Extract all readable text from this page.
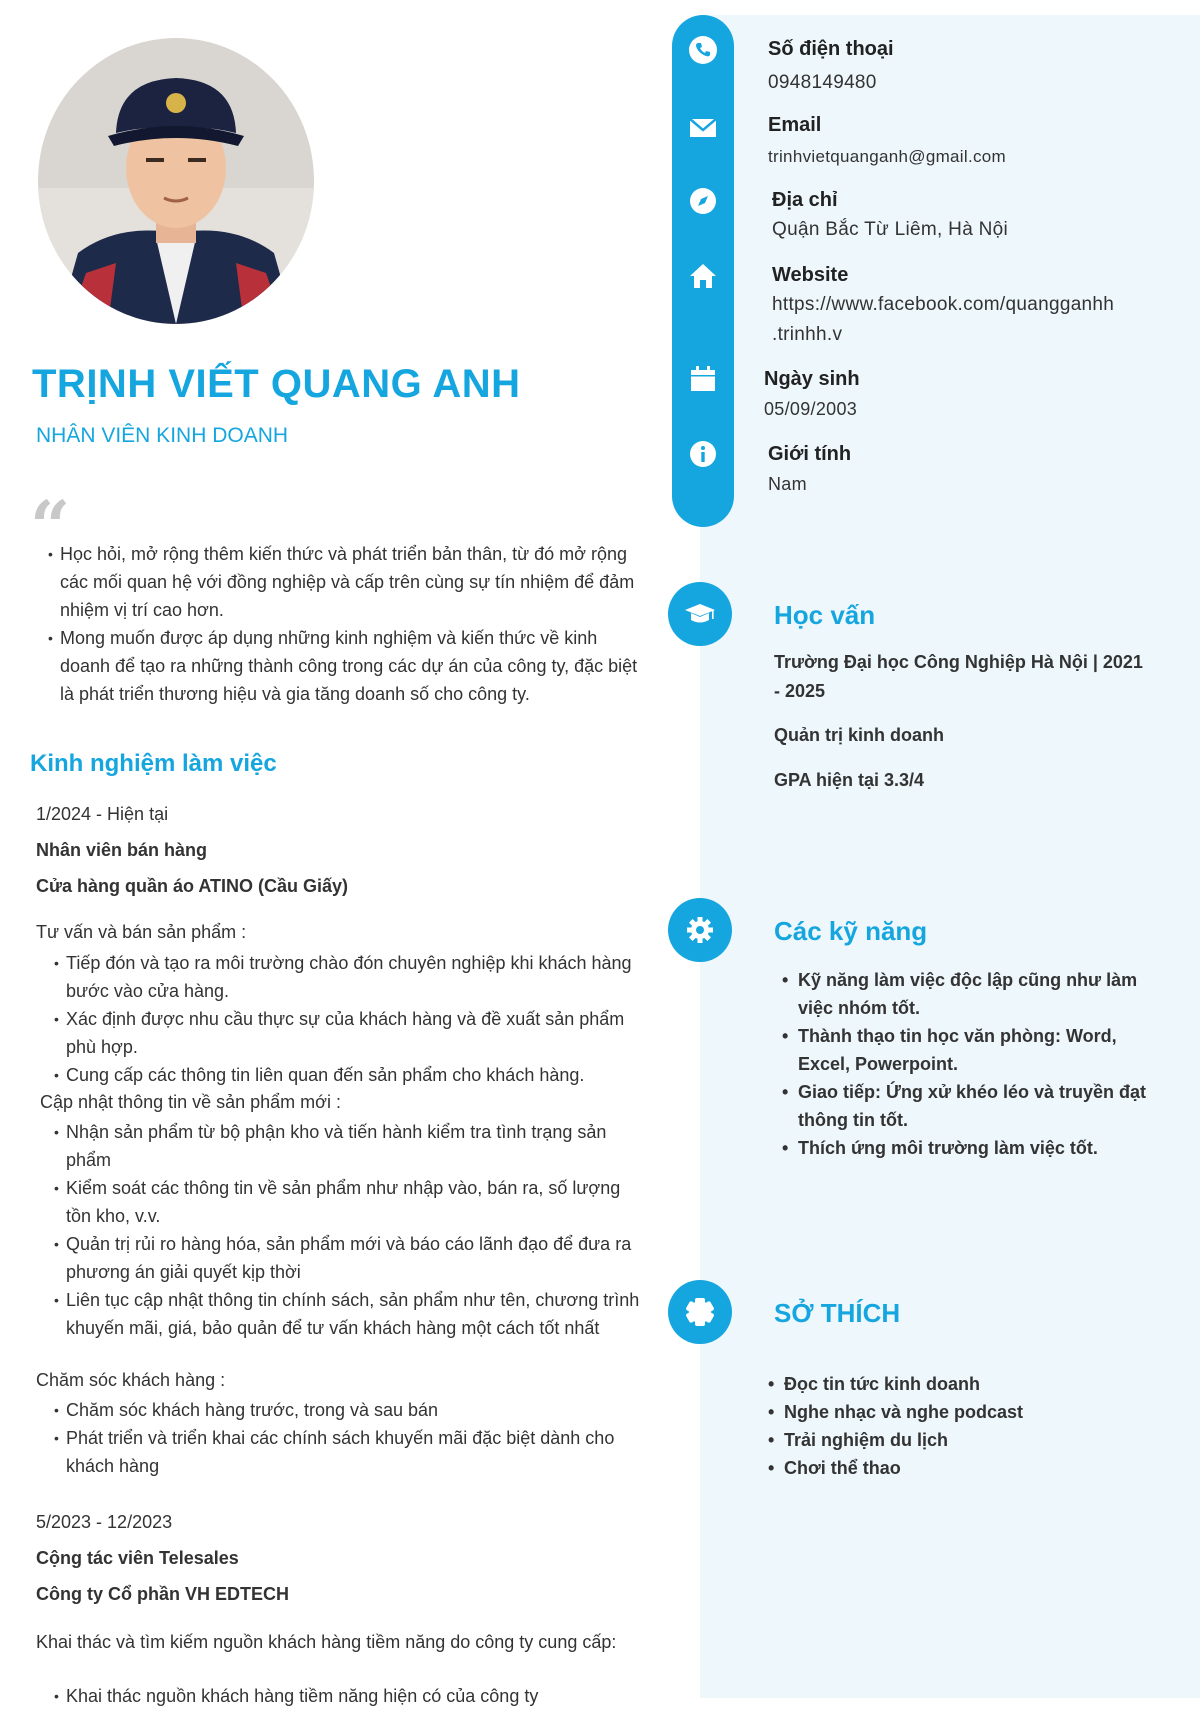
TRỊNH VIẾT QUANG ANH
NHÂN VIÊN KINH DOANH
“
• Học hỏi, mở rộng thêm kiến thức và phát triển bản thân, từ đó mở rộng các mối quan hệ với đồng nghiệp và cấp trên cùng sự tín nhiệm để đảm nhiệm vị trí cao hơn.
• Mong muốn được áp dụng những kinh nghiệm và kiến thức về kinh doanh để tạo ra những thành công trong các dự án của công ty, đặc biệt là phát triển thương hiệu và gia tăng doanh số cho công ty.
Kinh nghiệm làm việc
1/2024 - Hiện tại
Nhân viên bán hàng
Cửa hàng quần áo ATINO (Cầu Giấy)
Tư vấn và bán sản phẩm :
• Tiếp đón và tạo ra môi trường chào đón chuyên nghiệp khi khách hàng bước vào cửa hàng.
• Xác định được nhu cầu thực sự của khách hàng và đề xuất sản phẩm phù hợp.
• Cung cấp các thông tin liên quan đến sản phẩm cho khách hàng.
Cập nhật thông tin về sản phẩm mới :
• Nhận sản phẩm từ bộ phận kho và tiến hành kiểm tra tình trạng sản phẩm
• Kiểm soát các thông tin về sản phẩm như nhập vào, bán ra, số lượng tồn kho, v.v.
• Quản trị rủi ro hàng hóa, sản phẩm mới và báo cáo lãnh đạo để đưa ra phương án giải quyết kịp thời
• Liên tục cập nhật thông tin chính sách, sản phẩm như tên, chương trình khuyến mãi, giá, bảo quản để tư vấn khách hàng một cách tốt nhất
Chăm sóc khách hàng :
• Chăm sóc khách hàng trước, trong và sau bán
• Phát triển và triển khai các chính sách khuyến mãi đặc biệt dành cho khách hàng
5/2023 - 12/2023
Cộng tác viên Telesales
Công ty Cổ phần VH EDTECH
Khai thác và tìm kiếm nguồn khách hàng tiềm năng do công ty cung cấp:
• Khai thác nguồn khách hàng tiềm năng hiện có của công ty
Số điện thoại
0948149480
Email
trinhvietquanganh@gmail.com
Địa chỉ
Quận Bắc Từ Liêm, Hà Nội
Website
https://www.facebook.com/quangganhh
.trinhh.v
Ngày sinh
05/09/2003
Giới tính
Nam
Học vấn
Trường Đại học Công Nghiệp Hà Nội | 2021
- 2025
Quản trị kinh doanh
GPA hiện tại 3.3/4
Các kỹ năng
• Kỹ năng làm việc độc lập cũng như làm việc nhóm tốt.
• Thành thạo tin học văn phòng: Word, Excel, Powerpoint.
• Giao tiếp: Ứng xử khéo léo và truyền đạt thông tin tốt.
• Thích ứng môi trường làm việc tốt.
SỞ THÍCH
• Đọc tin tức kinh doanh
• Nghe nhạc và nghe podcast
• Trải nghiệm du lịch
• Chơi thể thao
